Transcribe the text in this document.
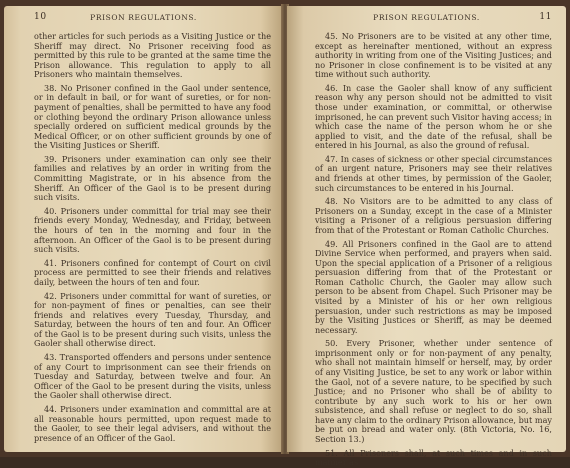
10	PRISON REGULATIONS.

other articles for such periods as a Visiting Justice or the Sheriff may direct. No Prisoner receiving food as permitted by this rule to be granted at the same time the Prison allowance. This regulation to apply to all Prisoners who maintain themselves.

38. No Prisoner confined in the Gaol under sentence, or in default in bail, or for want of sureties, or for non-payment of penalties, shall be permitted to have any food or clothing beyond the ordinary Prison allowance unless specially ordered on sufficient medical grounds by the Medical Officer, or on other sufficient grounds by one of the Visiting Justices or Sheriff.

39. Prisoners under examination can only see their families and relatives by an order in writing from the Committing Magistrate, or in his absence from the Sheriff. An Officer of the Gaol is to be present during such visits.

40. Prisoners under committal for trial may see their friends every Monday, Wednesday, and Friday, between the hours of ten in the morning and four in the afternoon. An Officer of the Gaol is to be present during such visits.

41. Prisoners confined for contempt of Court on civil process are permitted to see their friends and relatives daily, between the hours of ten and four.

42. Prisoners under committal for want of sureties, or for non-payment of fines or penalties, can see their friends and relatives every Tuesday, Thursday, and Saturday, between the hours of ten and four. An Officer of the Gaol is to be present during such visits, unless the Gaoler shall otherwise direct.

43. Transported offenders and persons under sentence of any Court to imprisonment can see their friends on Tuesday and Saturday, between twelve and four. An Officer of the Gaol to be present during the visits, unless the Gaoler shall otherwise direct.

44. Prisoners under examination and committal are at all reasonable hours permitted, upon request made to the Gaoler, to see their legal advisers, and without the presence of an Officer of the Gaol.

PRISON REGULATIONS.	11

45. No Prisoners are to be visited at any other time, except as hereinafter mentioned, without an express authority in writing from one of the Visiting Justices; and no Prisoner in close confinement is to be visited at any time without such authority.

46. In case the Gaoler shall know of any sufficient reason why any person should not be admitted to visit those under examination, or committal, or otherwise imprisoned, he can prevent such Visitor having access; in which case the name of the person whom he or she applied to visit, and the date of the refusal, shall be entered in his Journal, as also the ground of refusal.

47. In cases of sickness or other special circumstances of an urgent nature, Prisoners may see their relatives and friends at other times, by permission of the Gaoler, such circumstances to be entered in his Journal.

48. No Visitors are to be admitted to any class of Prisoners on a Sunday, except in the case of a Minister visiting a Prisoner of a religious persuasion differing from that of the Protestant or Roman Catholic Churches.

49. All Prisoners confined in the Gaol are to attend Divine Service when performed, and prayers when said. Upon the special application of a Prisoner of a religious persuasion differing from that of the Protestant or Roman Catholic Church, the Gaoler may allow such person to be absent from Chapel. Such Prisoner may be visited by a Minister of his or her own religious persuasion, under such restrictions as may be imposed by the Visiting Justices or Sheriff, as may be deemed necessary.

50. Every Prisoner, whether under sentence of imprisonment only or for non-payment of any penalty, who shall not maintain himself or herself, may, by order of any Visiting Justice, be set to any work or labor within the Gaol, not of a severe nature, to be specified by such Justice; and no Prisoner who shall be of ability to contribute by any such work to his or her own subsistence, and shall refuse or neglect to do so, shall have any claim to the ordinary Prison allowance, but may be put on bread and water only. (8th Victoria, No. 16, Section 13.)

51. All Prisoners shall, at such times and in such manner as
